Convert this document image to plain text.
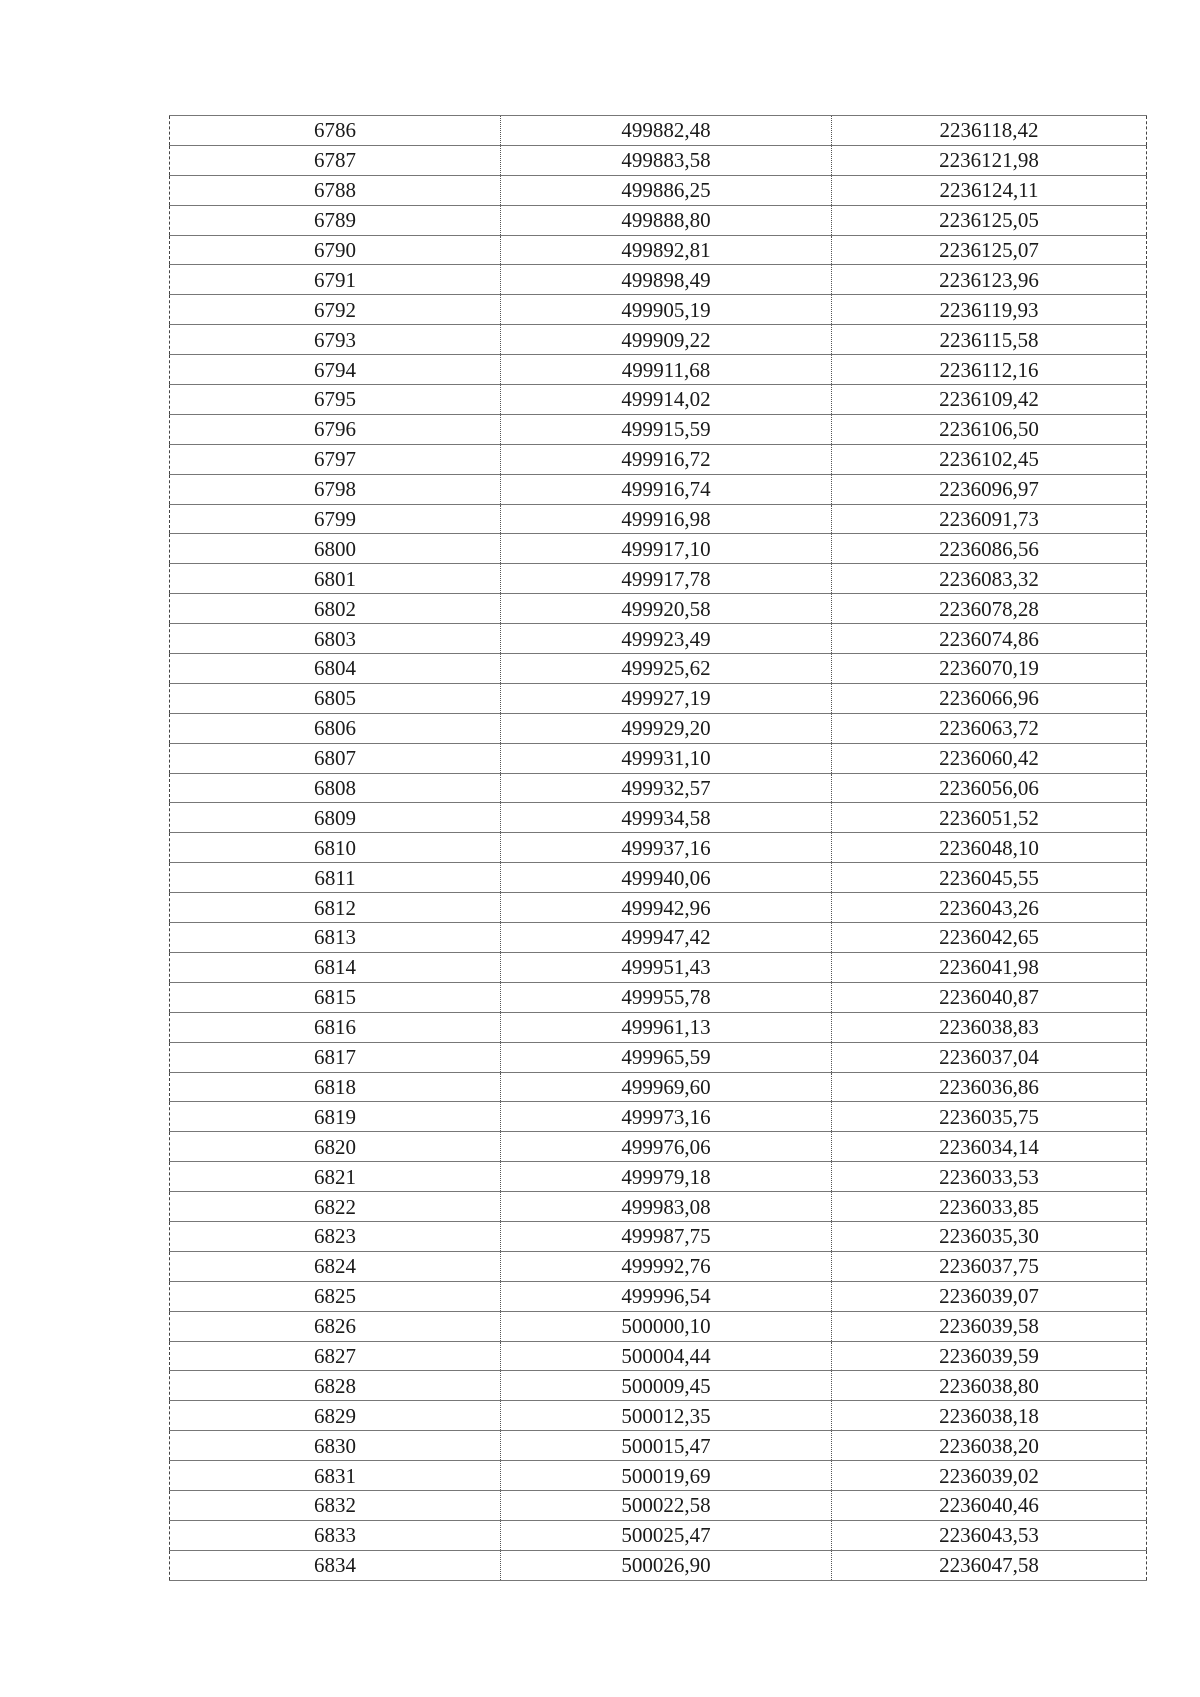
6786	499882,48	2236118,42
6787	499883,58	2236121,98
6788	499886,25	2236124,11
6789	499888,80	2236125,05
6790	499892,81	2236125,07
6791	499898,49	2236123,96
6792	499905,19	2236119,93
6793	499909,22	2236115,58
6794	499911,68	2236112,16
6795	499914,02	2236109,42
6796	499915,59	2236106,50
6797	499916,72	2236102,45
6798	499916,74	2236096,97
6799	499916,98	2236091,73
6800	499917,10	2236086,56
6801	499917,78	2236083,32
6802	499920,58	2236078,28
6803	499923,49	2236074,86
6804	499925,62	2236070,19
6805	499927,19	2236066,96
6806	499929,20	2236063,72
6807	499931,10	2236060,42
6808	499932,57	2236056,06
6809	499934,58	2236051,52
6810	499937,16	2236048,10
6811	499940,06	2236045,55
6812	499942,96	2236043,26
6813	499947,42	2236042,65
6814	499951,43	2236041,98
6815	499955,78	2236040,87
6816	499961,13	2236038,83
6817	499965,59	2236037,04
6818	499969,60	2236036,86
6819	499973,16	2236035,75
6820	499976,06	2236034,14
6821	499979,18	2236033,53
6822	499983,08	2236033,85
6823	499987,75	2236035,30
6824	499992,76	2236037,75
6825	499996,54	2236039,07
6826	500000,10	2236039,58
6827	500004,44	2236039,59
6828	500009,45	2236038,80
6829	500012,35	2236038,18
6830	500015,47	2236038,20
6831	500019,69	2236039,02
6832	500022,58	2236040,46
6833	500025,47	2236043,53
6834	500026,90	2236047,58
